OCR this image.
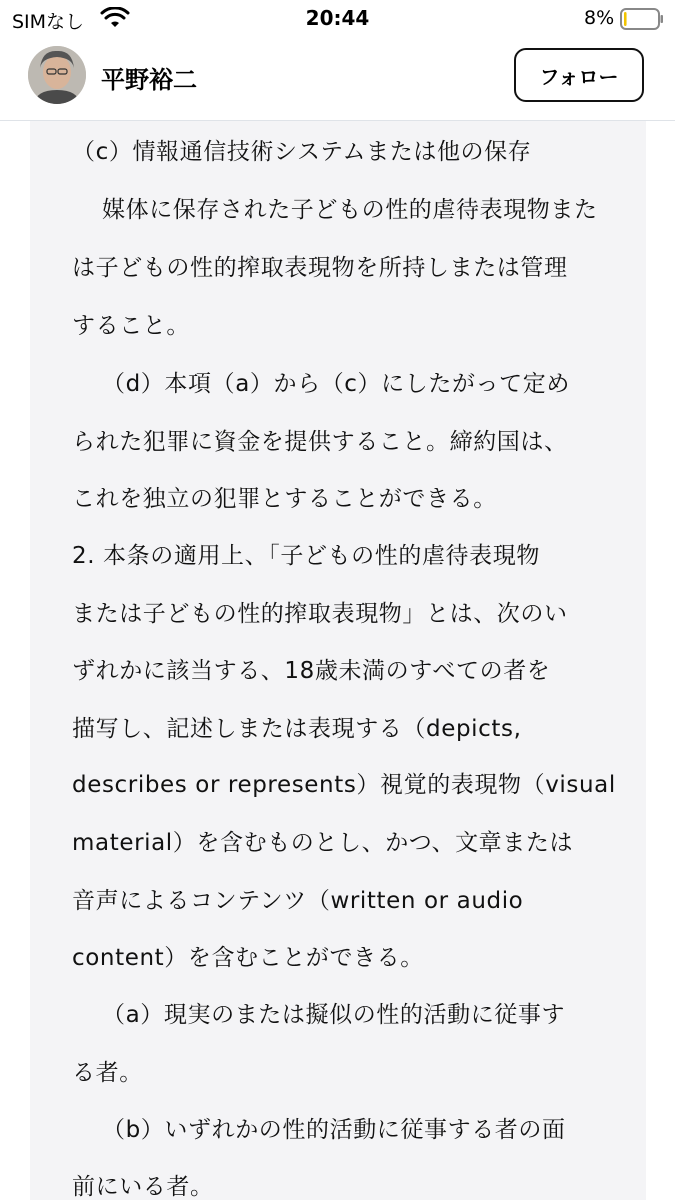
SIMなし	20:44	8%
平野裕二	フォロー
（c）情報通信技術システムまたは他の保存
媒体に保存された子どもの性的虐待表現物また
は子どもの性的搾取表現物を所持しまたは管理
すること。
（d）本項（a）から（c）にしたがって定め
られた犯罪に資金を提供すること。締約国は、
これを独立の犯罪とすることができる。
2. 本条の適用上、「子どもの性的虐待表現物
または子どもの性的搾取表現物」とは、次のい
ずれかに該当する、18歳未満のすべての者を
描写し、記述しまたは表現する（depicts,
describes or represents）視覚的表現物（visual
material）を含むものとし、かつ、文章または
音声によるコンテンツ（written or audio
content）を含むことができる。
（a）現実のまたは擬似の性的活動に従事す
る者。
（b）いずれかの性的活動に従事する者の面
前にいる者。
